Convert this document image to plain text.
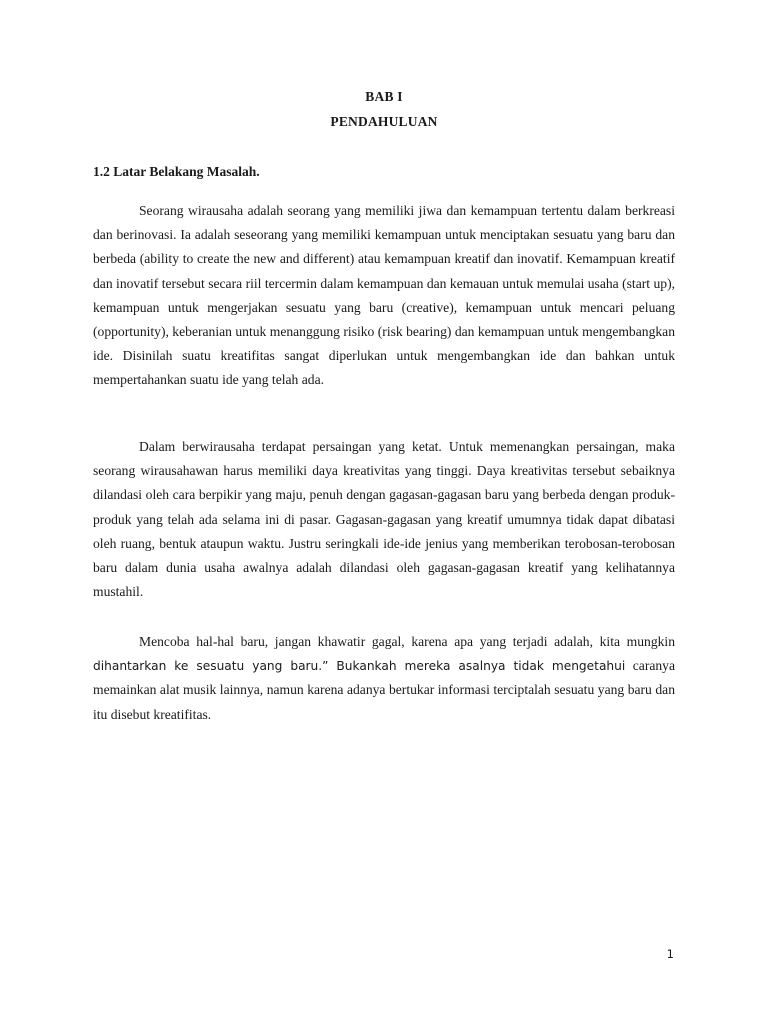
BAB I
PENDAHULUAN
1.2 Latar Belakang Masalah.

Seorang wirausaha adalah seorang yang memiliki jiwa dan kemampuan tertentu dalam berkreasi dan berinovasi. Ia adalah seseorang yang memiliki kemampuan untuk menciptakan sesuatu yang baru dan berbeda (ability to create the new and different) atau kemampuan kreatif dan inovatif. Kemampuan kreatif dan inovatif tersebut secara riil tercermin dalam kemampuan dan kemauan untuk memulai usaha (start up), kemampuan untuk mengerjakan sesuatu yang baru (creative), kemampuan untuk mencari peluang (opportunity), keberanian untuk menanggung risiko (risk bearing) dan kemampuan untuk mengembangkan ide. Disinilah suatu kreatifitas sangat diperlukan untuk mengembangkan ide dan bahkan untuk mempertahankan suatu ide yang telah ada.

Dalam berwirausaha terdapat persaingan yang ketat. Untuk memenangkan persaingan, maka seorang wirausahawan harus memiliki daya kreativitas yang tinggi. Daya kreativitas tersebut sebaiknya dilandasi oleh cara berpikir yang maju, penuh dengan gagasan-gagasan baru yang berbeda dengan produk-produk yang telah ada selama ini di pasar. Gagasan-gagasan yang kreatif umumnya tidak dapat dibatasi oleh ruang, bentuk ataupun waktu. Justru seringkali ide-ide jenius yang memberikan terobosan-terobosan baru dalam dunia usaha awalnya adalah dilandasi oleh gagasan-gagasan kreatif yang kelihatannya mustahil.

Mencoba hal-hal baru, jangan khawatir gagal, karena apa yang terjadi adalah, kita mungkin dihantarkan ke sesuatu yang baru.” Bukankah mereka asalnya tidak mengetahui caranya memainkan alat musik lainnya, namun karena adanya bertukar informasi terciptalah sesuatu yang baru dan itu disebut kreatifitas.

1
